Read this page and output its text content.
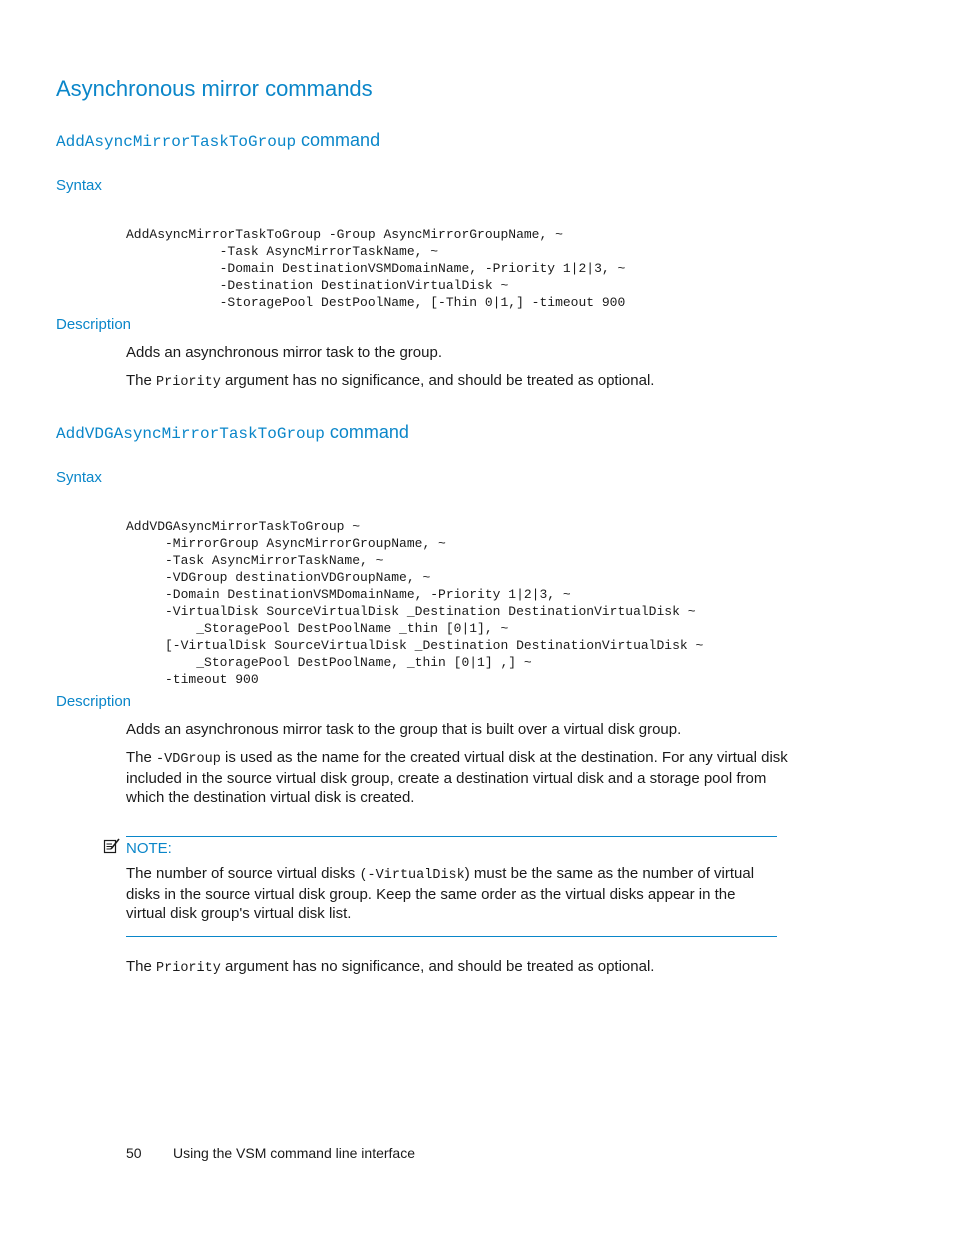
Asynchronous mirror commands
AddAsyncMirrorTaskToGroup command
Syntax

AddAsyncMirrorTaskToGroup -Group AsyncMirrorGroupName, ~
-Task AsyncMirrorTaskName, ~
-Domain DestinationVSMDomainName, -Priority 1|2|3, ~
-Destination DestinationVirtualDisk ~
-StoragePool DestPoolName, [-Thin 0|1,] -timeout 900

Description
Adds an asynchronous mirror task to the group.
The Priority argument has no significance, and should be treated as optional.
AddVDGAsyncMirrorTaskToGroup command
Syntax

AddVDGAsyncMirrorTaskToGroup ~
-MirrorGroup AsyncMirrorGroupName, ~
-Task AsyncMirrorTaskName, ~
-VDGroup destinationVDGroupName, ~
-Domain DestinationVSMDomainName, -Priority 1|2|3, ~
-VirtualDisk SourceVirtualDisk _Destination DestinationVirtualDisk ~
_StoragePool DestPoolName _thin [0|1], ~
[-VirtualDisk SourceVirtualDisk _Destination DestinationVirtualDisk ~
_StoragePool DestPoolName, _thin [0|1] ,] ~
-timeout 900

Description
Adds an asynchronous mirror task to the group that is built over a virtual disk group.
The -VDGroup is used as the name for the created virtual disk at the destination. For any virtual disk included in the source virtual disk group, create a destination virtual disk and a storage pool from which the destination virtual disk is created.
NOTE:
The number of source virtual disks (-VirtualDisk) must be the same as the number of virtual disks in the source virtual disk group. Keep the same order as the virtual disks appear in the virtual disk group's virtual disk list.
The Priority argument has no significance, and should be treated as optional.
50 Using the VSM command line interface
